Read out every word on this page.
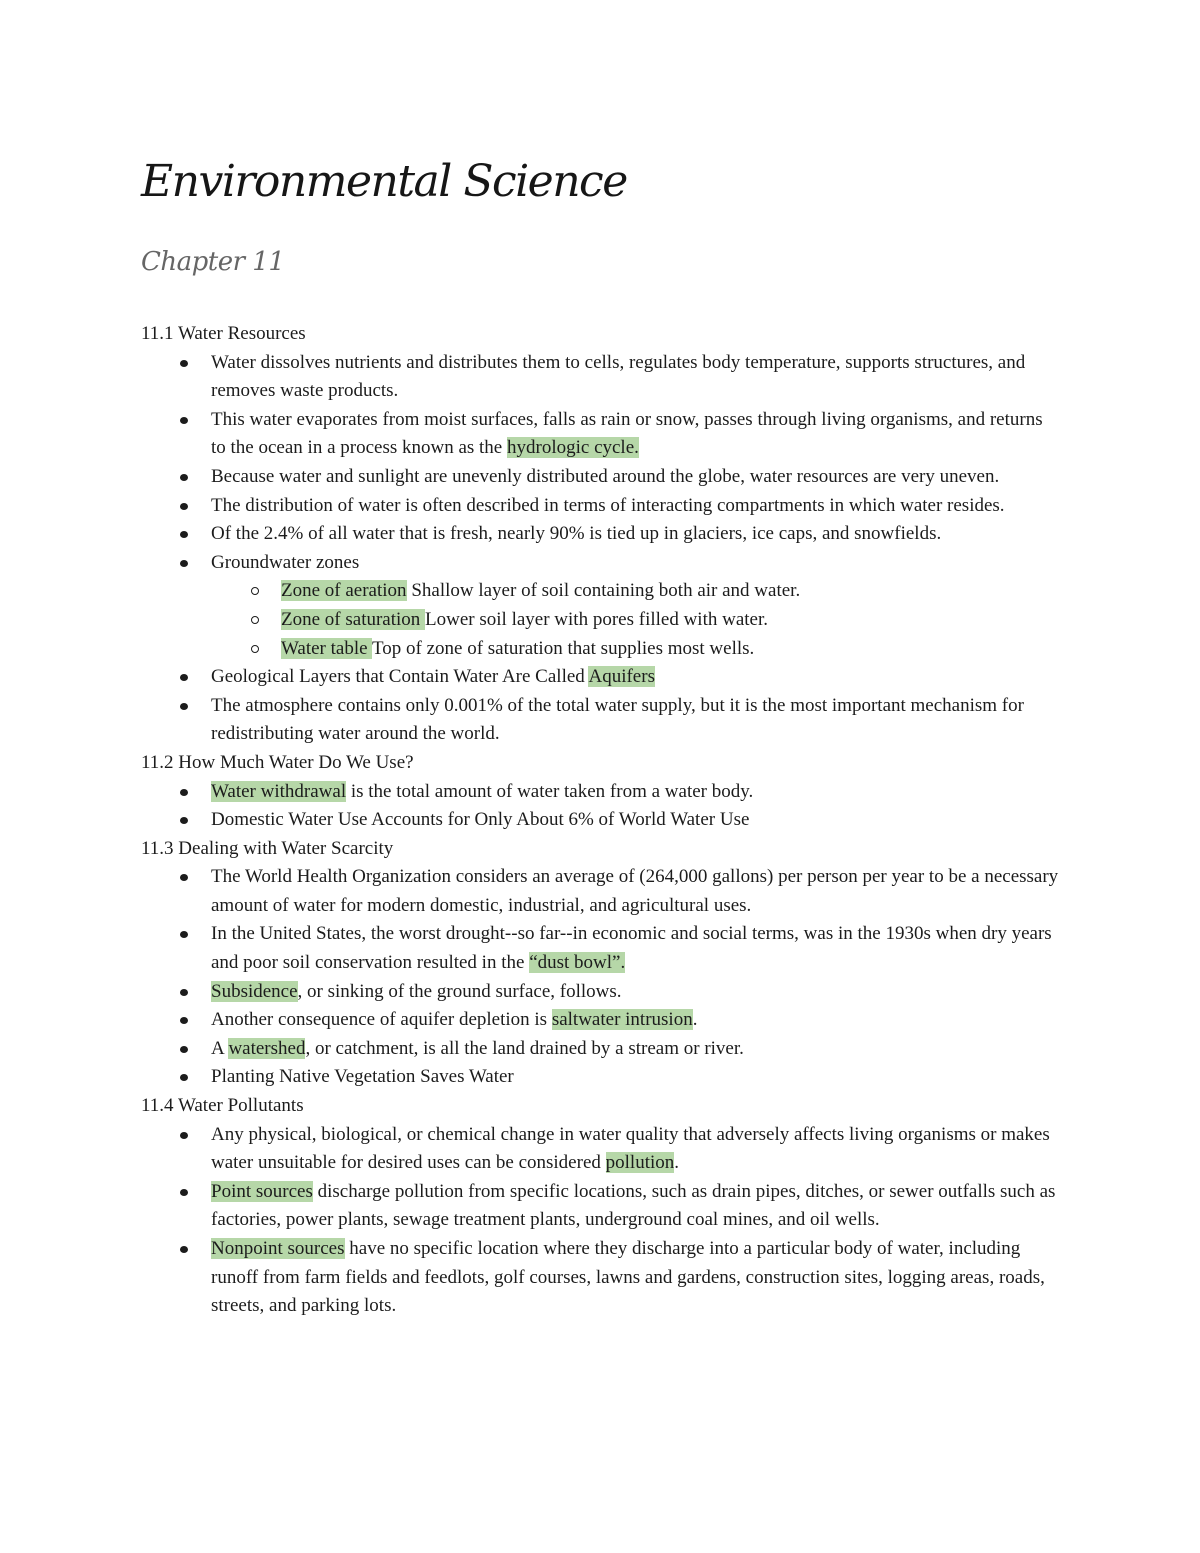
Environmental Science
Chapter 11

11.1 Water Resources

Water dissolves nutrients and distributes them to cells, regulates body temperature, supports structures, and removes waste products.
This water evaporates from moist surfaces, falls as rain or snow, passes through living organisms, and returns to the ocean in a process known as the hydrologic cycle.
Because water and sunlight are unevenly distributed around the globe, water resources are very uneven.
The distribution of water is often described in terms of interacting compartments in which water resides.
Of the 2.4% of all water that is fresh, nearly 90% is tied up in glaciers, ice caps, and snowfields.
Groundwater zones
Zone of aeration Shallow layer of soil containing both air and water.
Zone of saturation Lower soil layer with pores filled with water.
Water table Top of zone of saturation that supplies most wells.
Geological Layers that Contain Water Are Called Aquifers
The atmosphere contains only 0.001% of the total water supply, but it is the most important mechanism for redistributing water around the world.

11.2 How Much Water Do We Use?

Water withdrawal is the total amount of water taken from a water body.
Domestic Water Use Accounts for Only About 6% of World Water Use

11.3 Dealing with Water Scarcity

The World Health Organization considers an average of (264,000 gallons) per person per year to be a necessary amount of water for modern domestic, industrial, and agricultural uses.
In the United States, the worst drought--so far--in economic and social terms, was in the 1930s when dry years and poor soil conservation resulted in the “dust bowl”.
Subsidence, or sinking of the ground surface, follows.
Another consequence of aquifer depletion is saltwater intrusion.
A watershed, or catchment, is all the land drained by a stream or river.
Planting Native Vegetation Saves Water

11.4 Water Pollutants

Any physical, biological, or chemical change in water quality that adversely affects living organisms or makes water unsuitable for desired uses can be considered pollution.
Point sources discharge pollution from specific locations, such as drain pipes, ditches, or sewer outfalls such as factories, power plants, sewage treatment plants, underground coal mines, and oil wells.
Nonpoint sources have no specific location where they discharge into a particular body of water, including runoff from farm fields and feedlots, golf courses, lawns and gardens, construction sites, logging areas, roads, streets, and parking lots.
